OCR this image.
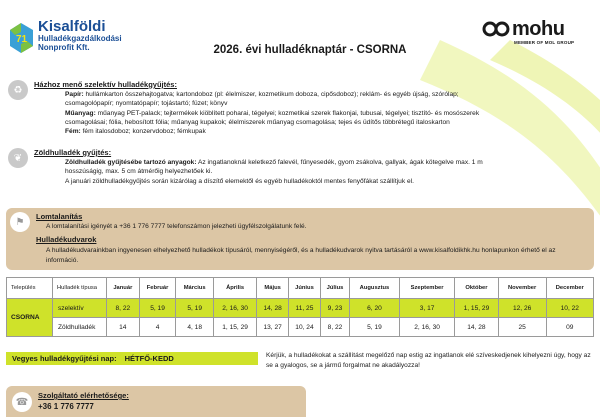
71
Kisalföldi
Hulladékgazdálkodási
Nonprofit Kft.	2026. évi hulladéknaptár - CSORNA
mohu
MEMBER OF MOL GROUP
♻	Házhoz menő szelektív hulladékgyűjtés:
Papír: hullámkarton összehajtogatva; kartondoboz (pl: élelmiszer, kozmetikum doboza, cipősdoboz); reklám- és egyéb újság, szórólap;
csomagolópapír; nyomtatópapír; tojástartó; füzet; könyv
Műanyag: műanyag PET-palack; tejtermékek kiöblített poharai, tégelyei; kozmetikai szerek flakonjai, tubusai, tégelyei; tisztító- és mosószerek
csomagolásai; fólia, hebosított fólia; műanyag kupakok; élelmiszerek műanyag csomagolása; tejes és üdítős többrétegű italoskarton
Fém: fém italosdoboz; konzervdoboz; fémkupak
❦	Zöldhulladék gyűjtés:
Zöldhulladék gyűjtésébe tartozó anyagok: Az ingatlanoknál keletkező falevél, fűnyesedék, gyom zsákolva, gallyak, ágak kötegelve max. 1 m
hosszúságig, max. 5 cm átmérőig helyezhetőek ki.
A januári zöldhulladékgyűjtés során kizárólag a díszítő elemektől és egyéb hulladékoktól mentes fenyőfákat szállítjuk el.
⚑	Lomtalanítás
A lomtalanítási igényét a +36 1 776 7777 telefonszámon jelezheti ügyfélszolgálatunk felé.
Hulladékudvarok
A hulladékudvarainkban ingyenesen elhelyezhető hulladékok típusáról, mennyiségéről, és a hulladékudvarok nyitva tartásáról a www.kisalfoldikhk.hu honlapunkon érhető el az információ.
Település	Hulladék típusa	Január	Február	Március	Április	Május	Június	Július	Augusztus	Szeptember	Október	November	December
CSORNA	szelektív	8, 22	5, 19	5, 19	2, 16, 30	14, 28	11, 25	9, 23	6, 20	3, 17	1, 15, 29	12, 26	10, 22
	Zöldhulladék	14	4	4, 18	1, 15, 29	13, 27	10, 24	8, 22	5, 19	2, 16, 30	14, 28	25	09
Vegyes hulladékgyűjtési nap: HÉTFŐ-KEDD	Kérjük, a hulladékokat a szállítást megelőző nap estig az ingatlanok elé szíveskedjenek kihelyezni úgy, hogy az se a gyalogos, se a jármű forgalmat ne akadályozza!
☎
Szolgáltató elérhetősége:
+36 1 776 7777
